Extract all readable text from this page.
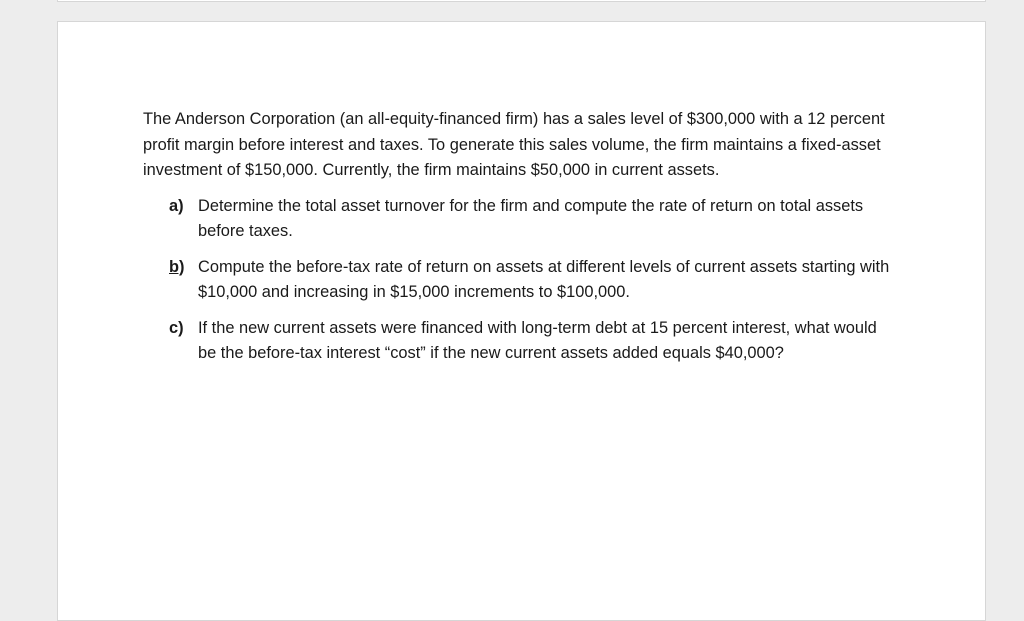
The Anderson Corporation (an all-equity-financed firm) has a sales level of $300,000 with a 12 percent profit margin before interest and taxes. To generate this sales volume, the firm maintains a fixed-asset investment of $150,000. Currently, the firm maintains $50,000 in current assets.

a) Determine the total asset turnover for the firm and compute the rate of return on total assets before taxes.
b) Compute the before-tax rate of return on assets at different levels of current assets starting with $10,000 and increasing in $15,000 increments to $100,000.
c) If the new current assets were financed with long-term debt at 15 percent interest, what would be the before-tax interest “cost” if the new current assets added equals $40,000?
